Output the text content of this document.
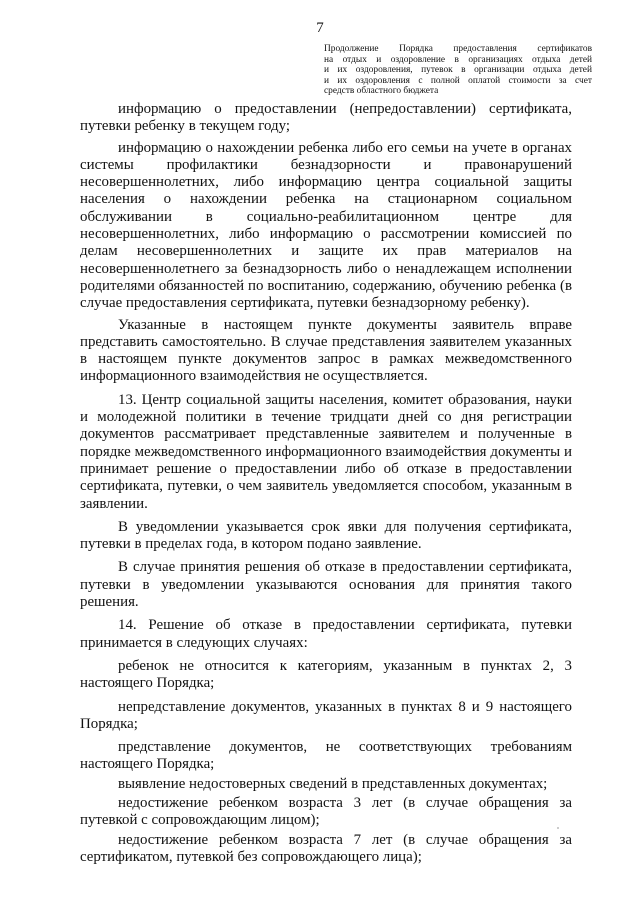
7
Продолжение Порядка предоставления сертификатов
на отдых и оздоровление в организациях отдыха детей
и их оздоровления, путевок в организации отдыха детей
и их оздоровления с полной оплатой стоимости за счет
средств областного бюджета

информацию о предоставлении (непредоставлении) сертификата, путевки ребенку в текущем году;

информацию о нахождении ребенка либо его семьи на учете в органах системы профилактики безнадзорности и правонарушений несовершеннолетних, либо информацию центра социальной защиты населения о нахождении ребенка на стационарном социальном обслуживании в социально-реабилитационном центре для несовершеннолетних, либо информацию о рассмотрении комиссией по делам несовершеннолетних и защите их прав материалов на несовершеннолетнего за безнадзорность либо о ненадлежащем исполнении родителями обязанностей по воспитанию, содержанию, обучению ребенка (в случае предоставления сертификата, путевки безнадзорному ребенку).

Указанные в настоящем пункте документы заявитель вправе представить самостоятельно. В случае представления заявителем указанных в настоящем пункте документов запрос в рамках межведомственного информационного взаимодействия не осуществляется.

13. Центр социальной защиты населения, комитет образования, науки и молодежной политики в течение тридцати дней со дня регистрации документов рассматривает представленные заявителем и полученные в порядке межведомственного информационного взаимодействия документы и принимает решение о предоставлении либо об отказе в предоставлении сертификата, путевки, о чем заявитель уведомляется способом, указанным в заявлении.

В уведомлении указывается срок явки для получения сертификата, путевки в пределах года, в котором подано заявление.

В случае принятия решения об отказе в предоставлении сертификата, путевки в уведомлении указываются основания для принятия такого решения.

14. Решение об отказе в предоставлении сертификата, путевки принимается в следующих случаях:

ребенок не относится к категориям, указанным в пунктах 2, 3 настоящего Порядка;

непредставление документов, указанных в пунктах 8 и 9 настоящего Порядка;

представление документов, не соответствующих требованиям настоящего Порядка;

выявление недостоверных сведений в представленных документах;

недостижение ребенком возраста 3 лет (в случае обращения за путевкой с сопровождающим лицом);

недостижение ребенком возраста 7 лет (в случае обращения за сертификатом, путевкой без сопровождающего лица);
